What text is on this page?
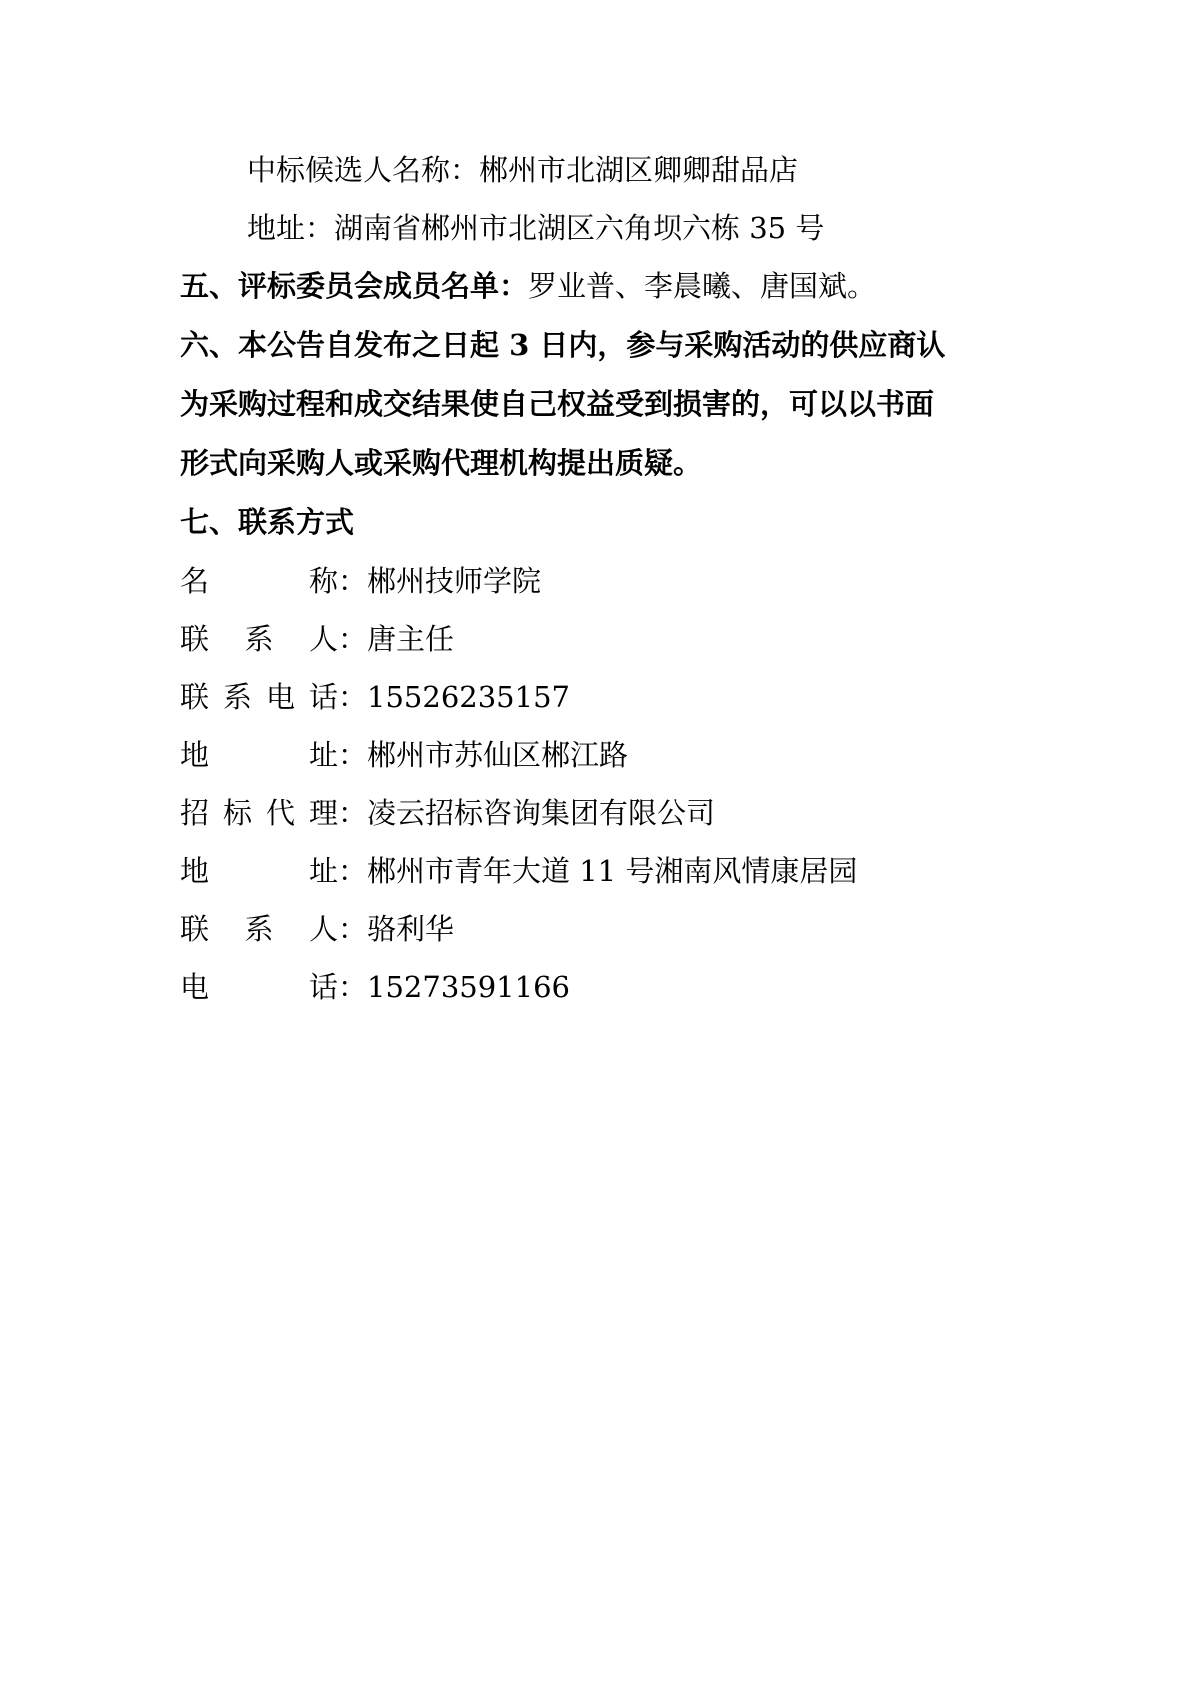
中标候选人名称：郴州市北湖区卿卿甜品店
地址：湖南省郴州市北湖区六角坝六栋 35 号
五、评标委员会成员名单：罗业普、李晨曦、唐国斌。
六、本公告自发布之日起 3 日内，参与采购活动的供应商认
为采购过程和成交结果使自己权益受到损害的，可以以书面
形式向采购人或采购代理机构提出质疑。
七、联系方式
名 称：郴州技师学院
联 系 人：唐主任
联 系 电 话：15526235157
地 址：郴州市苏仙区郴江路
招 标 代 理：凌云招标咨询集团有限公司
地 址：郴州市青年大道 11 号湘南风情康居园
联 系 人：骆利华
电 话：15273591166
